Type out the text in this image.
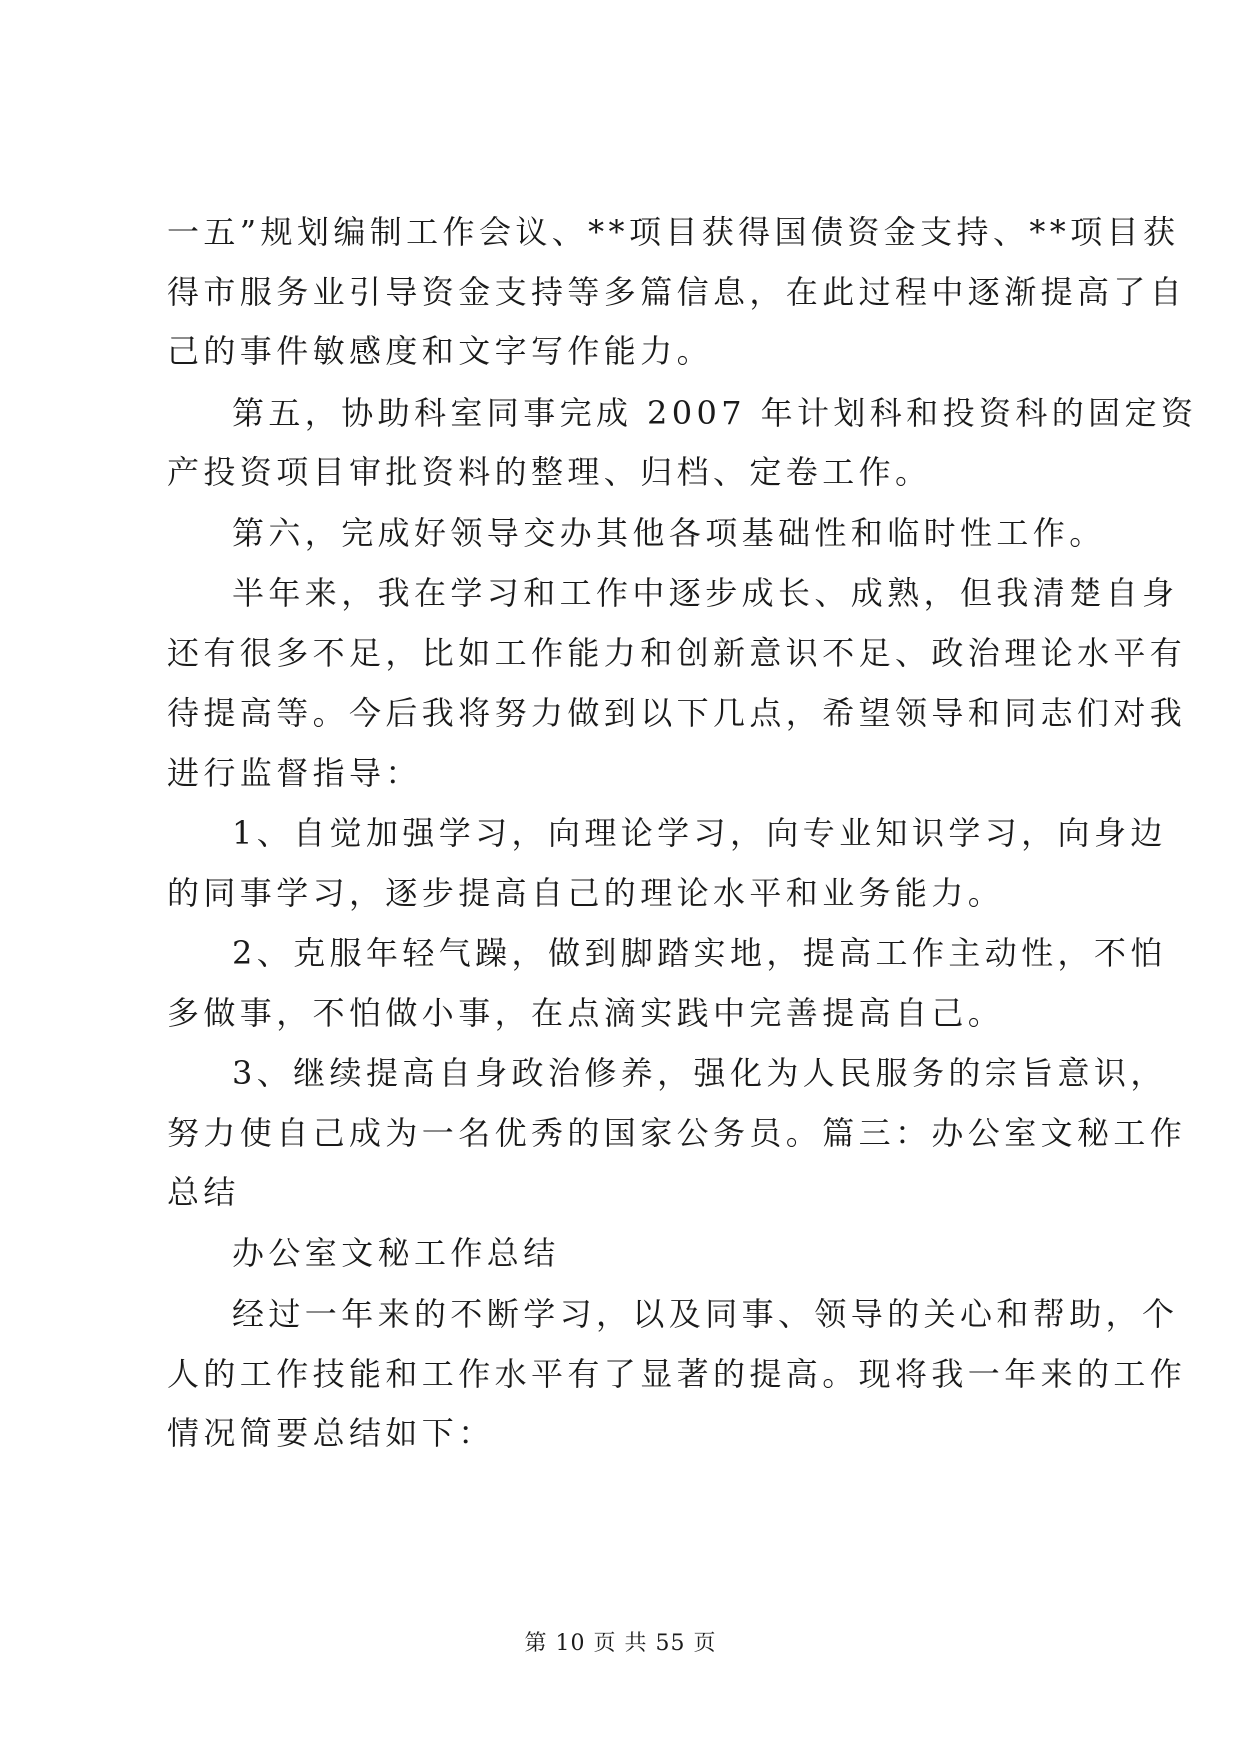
一五”规划编制工作会议、**项目获得国债资金支持、**项目获
得市服务业引导资金支持等多篇信息，在此过程中逐渐提高了自
己的事件敏感度和文字写作能力。
第五，协助科室同事完成 2007 年计划科和投资科的固定资
产投资项目审批资料的整理、归档、定卷工作。
第六，完成好领导交办其他各项基础性和临时性工作。
半年来，我在学习和工作中逐步成长、成熟，但我清楚自身
还有很多不足，比如工作能力和创新意识不足、政治理论水平有
待提高等。今后我将努力做到以下几点，希望领导和同志们对我
进行监督指导：
1、自觉加强学习，向理论学习，向专业知识学习，向身边
的同事学习，逐步提高自己的理论水平和业务能力。
2、克服年轻气躁，做到脚踏实地，提高工作主动性，不怕
多做事，不怕做小事，在点滴实践中完善提高自己。
3、继续提高自身政治修养，强化为人民服务的宗旨意识，
努力使自己成为一名优秀的国家公务员。篇三：办公室文秘工作
总结
办公室文秘工作总结
经过一年来的不断学习，以及同事、领导的关心和帮助，个
人的工作技能和工作水平有了显著的提高。现将我一年来的工作
情况简要总结如下：
第 10 页 共 55 页
